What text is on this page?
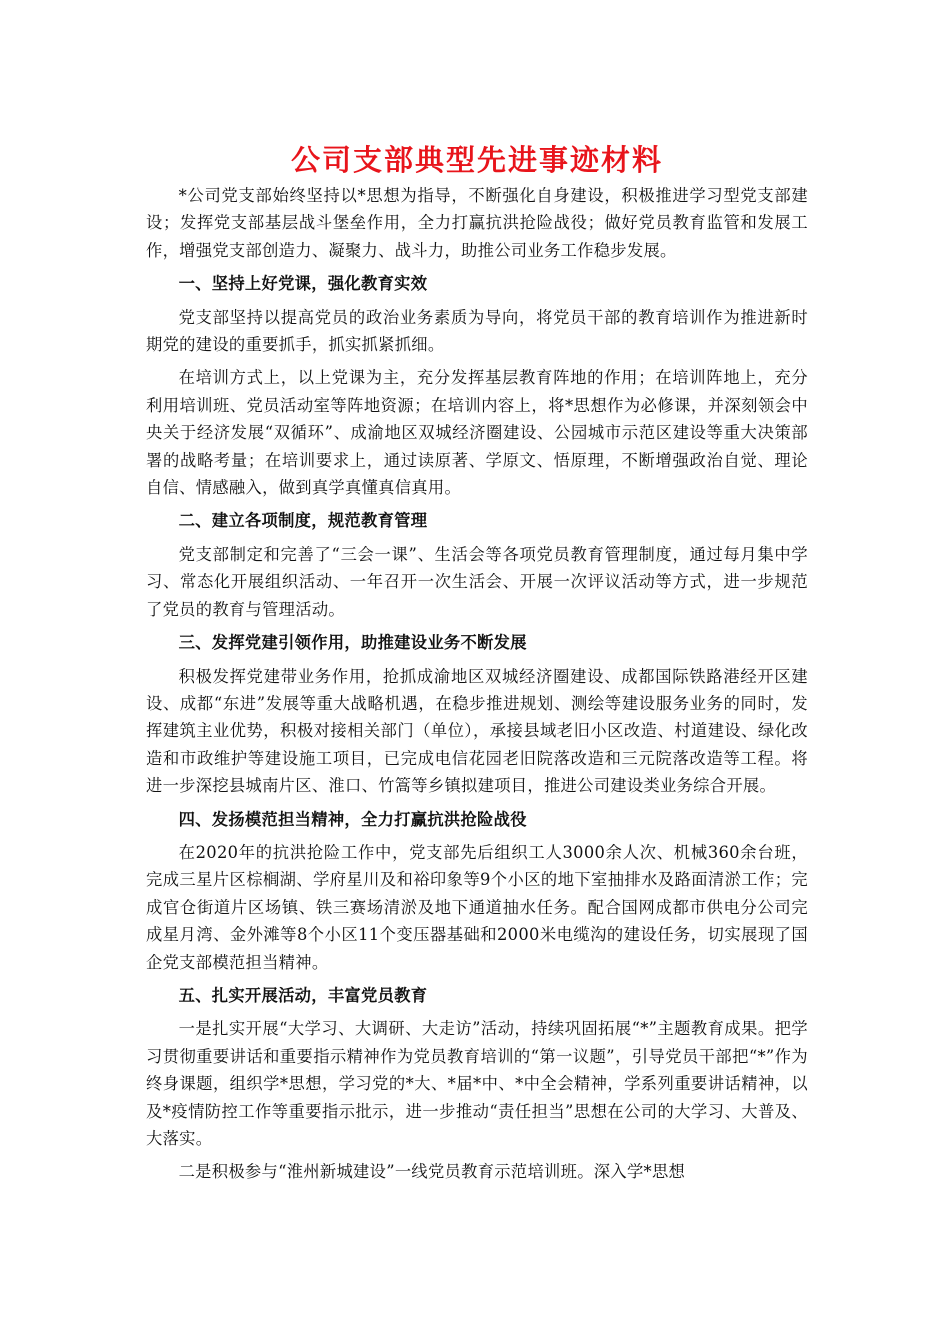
公司支部典型先进事迹材料

*公司党支部始终坚持以*思想为指导，不断强化自身建设，积极推进学习型党支部建设；发挥党支部基层战斗堡垒作用，全力打赢抗洪抢险战役；做好党员教育监管和发展工作，增强党支部创造力、凝聚力、战斗力，助推公司业务工作稳步发展。

一、坚持上好党课，强化教育实效

党支部坚持以提高党员的政治业务素质为导向，将党员干部的教育培训作为推进新时期党的建设的重要抓手，抓实抓紧抓细。

在培训方式上，以上党课为主，充分发挥基层教育阵地的作用；在培训阵地上，充分利用培训班、党员活动室等阵地资源；在培训内容上，将*思想作为必修课，并深刻领会中央关于经济发展“双循环”、成渝地区双城经济圈建设、公园城市示范区建设等重大决策部署的战略考量；在培训要求上，通过读原著、学原文、悟原理，不断增强政治自觉、理论自信、情感融入，做到真学真懂真信真用。

二、建立各项制度，规范教育管理

党支部制定和完善了“三会一课”、生活会等各项党员教育管理制度，通过每月集中学习、常态化开展组织活动、一年召开一次生活会、开展一次评议活动等方式，进一步规范了党员的教育与管理活动。

三、发挥党建引领作用，助推建设业务不断发展

积极发挥党建带业务作用，抢抓成渝地区双城经济圈建设、成都国际铁路港经开区建设、成都“东进”发展等重大战略机遇，在稳步推进规划、测绘等建设服务业务的同时，发挥建筑主业优势，积极对接相关部门（单位），承接县域老旧小区改造、村道建设、绿化改造和市政维护等建设施工项目，已完成电信花园老旧院落改造和三元院落改造等工程。将进一步深挖县城南片区、淮口、竹篙等乡镇拟建项目，推进公司建设类业务综合开展。

四、发扬模范担当精神，全力打赢抗洪抢险战役

在2020年的抗洪抢险工作中，党支部先后组织工人3000余人次、机械360余台班，完成三星片区棕榈湖、学府星川及和裕印象等9个小区的地下室抽排水及路面清淤工作；完成官仓街道片区场镇、铁三赛场清淤及地下通道抽水任务。配合国网成都市供电分公司完成星月湾、金外滩等8个小区11个变压器基础和2000米电缆沟的建设任务，切实展现了国企党支部模范担当精神。

五、扎实开展活动，丰富党员教育

一是扎实开展“大学习、大调研、大走访”活动，持续巩固拓展“*”主题教育成果。把学习贯彻重要讲话和重要指示精神作为党员教育培训的“第一议题”，引导党员干部把“*”作为终身课题，组织学*思想，学习党的*大、*届*中、*中全会精神，学系列重要讲话精神，以及*疫情防控工作等重要指示批示，进一步推动“责任担当”思想在公司的大学习、大普及、大落实。

二是积极参与“淮州新城建设”一线党员教育示范培训班。深入学*思想
